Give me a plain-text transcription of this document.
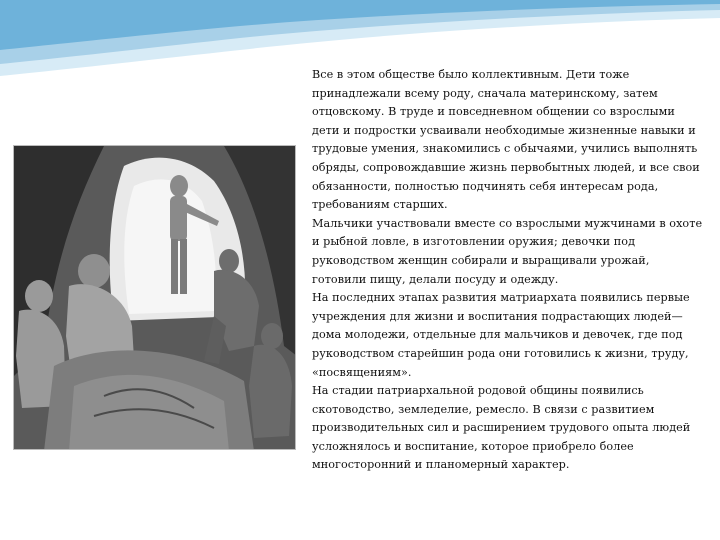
Все в этом обществе было коллективным. Дети тоже принадлежали всему роду, сначала материнскому, затем отцовскому. В труде и повседневном общении со взрослыми дети и подростки усваивали необходимые жизненные навыки и трудовые умения, знакомились с обычаями, учились выполнять обряды, сопровождавшие жизнь первобытных людей, и все свои обязанности, полностью подчинять себя интересам рода, требованиям старших.

Мальчики участвовали вместе со взрослыми мужчинами в охоте и рыбной ловле, в изготовлении оружия; девочки под руководством женщин собирали и выращивали урожай, готовили пищу, делали посуду и одежду.

На последних этапах развития матриархата появились первые учреждения для жизни и воспитания подрастающих людей—дома молодежи, отдельные для мальчиков и девочек, где под руководством старейшин рода они готовились к жизни, труду, «посвящениям».

На стадии патриархальной родовой общины появились скотоводство, земледелие, ремесло. В связи с развитием производительных сил и расширением трудового опыта людей усложнялось и воспитание, которое приобрело более многосторонний и планомерный характер.
